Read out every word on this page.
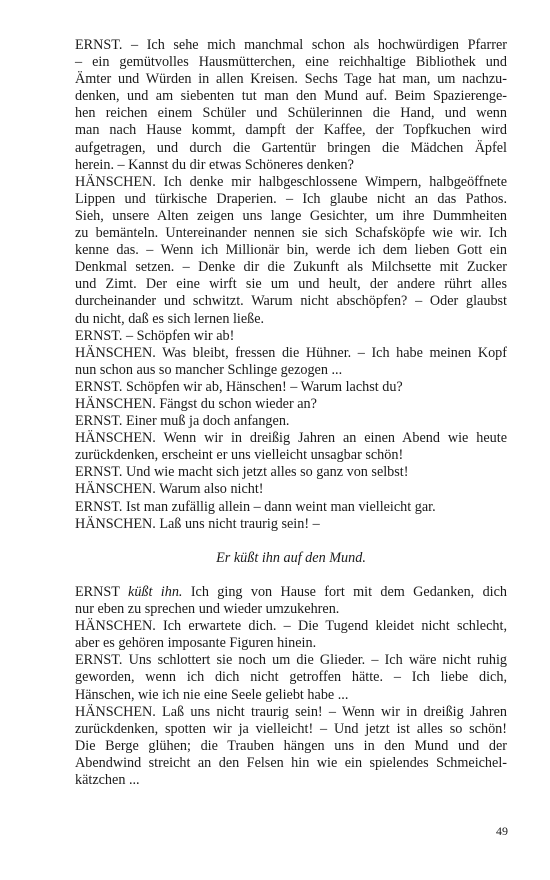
ERNST. – Ich sehe mich manchmal schon als hochwürdigen Pfarrer
– ein gemütvolles Hausmütterchen, eine reichhaltige Bibliothek und
Ämter und Würden in allen Kreisen. Sechs Tage hat man, um nachzu-
denken, und am siebenten tut man den Mund auf. Beim Spazierenge-
hen reichen einem Schüler und Schülerinnen die Hand, und wenn
man nach Hause kommt, dampft der Kaffee, der Topfkuchen wird
aufgetragen, und durch die Gartentür bringen die Mädchen Äpfel
herein. – Kannst du dir etwas Schöneres denken?
HÄNSCHEN. Ich denke mir halbgeschlossene Wimpern, halbgeöffnete
Lippen und türkische Draperien. – Ich glaube nicht an das Pathos.
Sieh, unsere Alten zeigen uns lange Gesichter, um ihre Dummheiten
zu bemänteln. Untereinander nennen sie sich Schafsköpfe wie wir. Ich
kenne das. – Wenn ich Millionär bin, werde ich dem lieben Gott ein
Denkmal setzen. – Denke dir die Zukunft als Milchsette mit Zucker
und Zimt. Der eine wirft sie um und heult, der andere rührt alles
durcheinander und schwitzt. Warum nicht abschöpfen? – Oder glaubst
du nicht, daß es sich lernen ließe.
ERNST. – Schöpfen wir ab!
HÄNSCHEN. Was bleibt, fressen die Hühner. – Ich habe meinen Kopf
nun schon aus so mancher Schlinge gezogen ...
ERNST. Schöpfen wir ab, Hänschen! – Warum lachst du?
HÄNSCHEN. Fängst du schon wieder an?
ERNST. Einer muß ja doch anfangen.
HÄNSCHEN. Wenn wir in dreißig Jahren an einen Abend wie heute
zurückdenken, erscheint er uns vielleicht unsagbar schön!
ERNST. Und wie macht sich jetzt alles so ganz von selbst!
HÄNSCHEN. Warum also nicht!
ERNST. Ist man zufällig allein – dann weint man vielleicht gar.
HÄNSCHEN. Laß uns nicht traurig sein! –
Er küßt ihn auf den Mund.
ERNST küßt ihn. Ich ging von Hause fort mit dem Gedanken, dich
nur eben zu sprechen und wieder umzukehren.
HÄNSCHEN. Ich erwartete dich. – Die Tugend kleidet nicht schlecht,
aber es gehören imposante Figuren hinein.
ERNST. Uns schlottert sie noch um die Glieder. – Ich wäre nicht ruhig
geworden, wenn ich dich nicht getroffen hätte. – Ich liebe dich,
Hänschen, wie ich nie eine Seele geliebt habe ...
HÄNSCHEN. Laß uns nicht traurig sein! – Wenn wir in dreißig Jahren
zurückdenken, spotten wir ja vielleicht! – Und jetzt ist alles so schön!
Die Berge glühen; die Trauben hängen uns in den Mund und der
Abendwind streicht an den Felsen hin wie ein spielendes Schmeichel-
kätzchen ...
49
